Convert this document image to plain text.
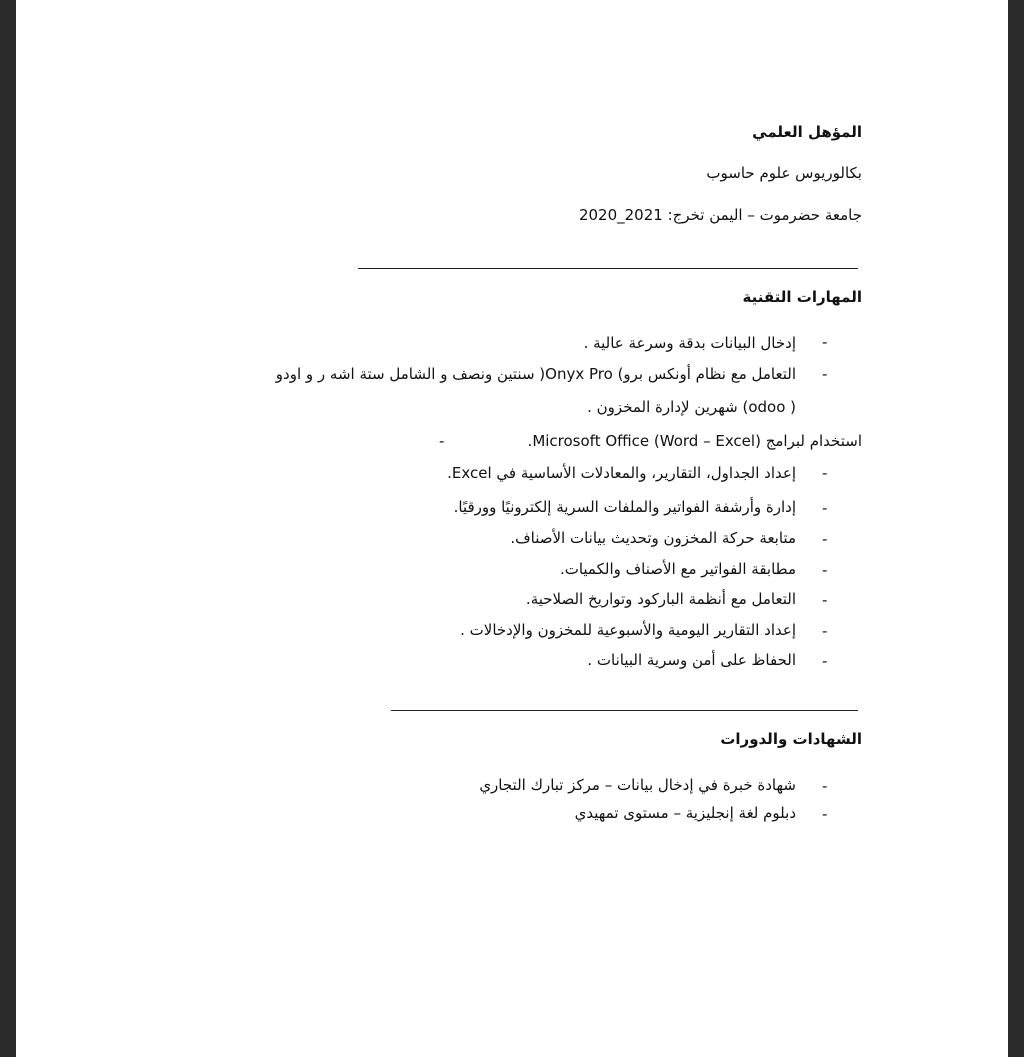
المؤهل العلمي
بكالوريوس علوم حاسوب
جامعة حضرموت – اليمن تخرج: 2021_2020
المهارات التقنية
-
إدخال البيانات بدقة وسرعة عالية .
-
التعامل مع نظام أونكس برو) Onyx Pro( سنتين ونصف و الشامل ستة اشه ر و اودو
( odoo) شهرين لإدارة المخزون .
-	استخدام لبرامج (Microsoft Office (Word – Excel.
-
إعداد الجداول، التقارير، والمعادلات الأساسية في Excel.
-
إدارة وأرشفة الفواتير والملفات السرية إلكترونيًا وورقيًا.
-
متابعة حركة المخزون وتحديث بيانات الأصناف.
-
مطابقة الفواتير مع الأصناف والكميات.
-
التعامل مع أنظمة الباركود وتواريخ الصلاحية.
-
إعداد التقارير اليومية والأسبوعية للمخزون والإدخالات .
-
الحفاظ على أمن وسرية البيانات .
الشهادات والدورات
-
شهادة خبرة في إدخال بيانات – مركز تبارك التجاري
-
دبلوم لغة إنجليزية – مستوى تمهيدي
